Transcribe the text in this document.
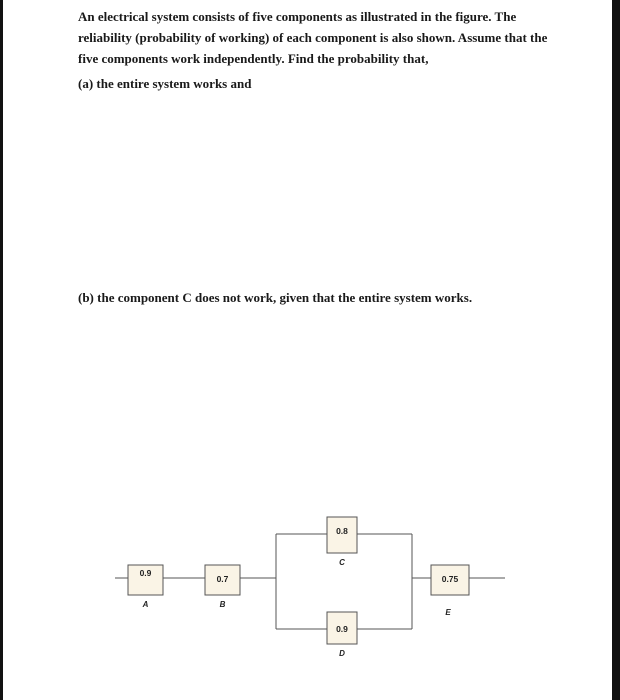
An electrical system consists of five components as illustrated in the figure. The reliability (probability of working) of each component is also shown. Assume that the five components work independently. Find the probability that,

(a) the entire system works and
(b) the component C does not work, given that the entire system works.
0.9
A
0.7
B
0.8
C
0.9
D
0.75
E
